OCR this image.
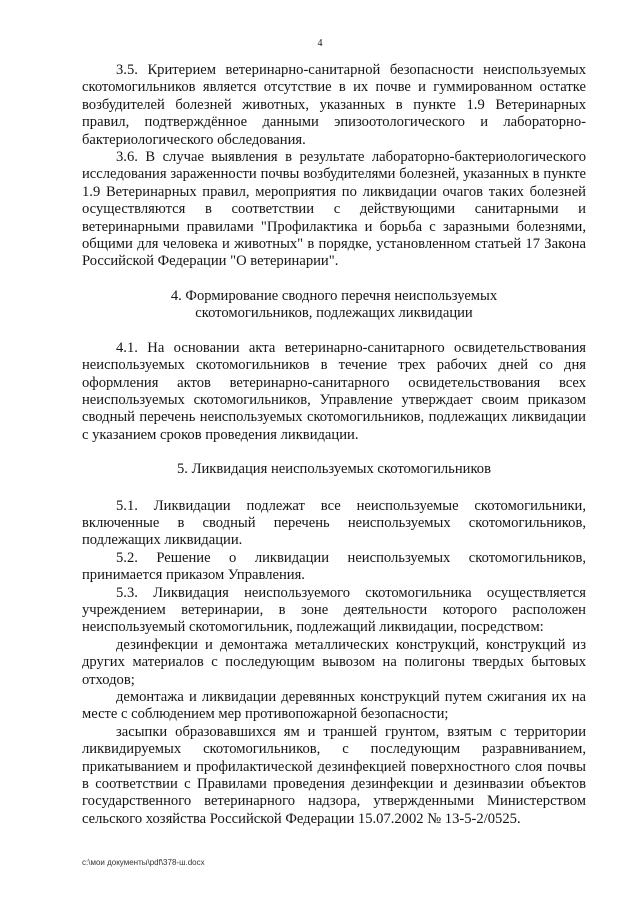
4

3.5. Критерием ветеринарно-санитарной безопасности неиспользуемых скотомогильников является отсутствие в их почве и гуммированном остатке возбудителей болезней животных, указанных в пункте 1.9 Ветеринарных правил, подтверждённое данными эпизоотологического и лабораторно-бактериологического обследования.

3.6. В случае выявления в результате лабораторно-бактериологического исследования зараженности почвы возбудителями болезней, указанных в пункте 1.9 Ветеринарных правил, мероприятия по ликвидации очагов таких болезней осуществляются в соответствии с действующими санитарными и ветеринарными правилами "Профилактика и борьба с заразными болезнями, общими для человека и животных" в порядке, установленном статьей 17 Закона Российской Федерации "О ветеринарии".

4. Формирование сводного перечня неиспользуемых
скотомогильников, подлежащих ликвидации

4.1. На основании акта ветеринарно-санитарного освидетельствования неиспользуемых скотомогильников в течение трех рабочих дней со дня оформления актов ветеринарно-санитарного освидетельствования всех неиспользуемых скотомогильников, Управление утверждает своим приказом сводный перечень неиспользуемых скотомогильников, подлежащих ликвидации с указанием сроков проведения ликвидации.

5. Ликвидация неиспользуемых скотомогильников

5.1. Ликвидации подлежат все неиспользуемые скотомогильники, включенные в сводный перечень неиспользуемых скотомогильников, подлежащих ликвидации.

5.2. Решение о ликвидации неиспользуемых скотомогильников, принимается приказом Управления.

5.3. Ликвидация неиспользуемого скотомогильника осуществляется учреждением ветеринарии, в зоне деятельности которого расположен неиспользуемый скотомогильник, подлежащий ликвидации, посредством:

дезинфекции и демонтажа металлических конструкций, конструкций из других материалов с последующим вывозом на полигоны твердых бытовых отходов;

демонтажа и ликвидации деревянных конструкций путем сжигания их на месте с соблюдением мер противопожарной безопасности;

засыпки образовавшихся ям и траншей грунтом, взятым с территории ликвидируемых скотомогильников, с последующим разравниванием, прикатыванием и профилактической дезинфекцией поверхностного слоя почвы в соответствии с Правилами проведения дезинфекции и дезинвазии объектов государственного ветеринарного надзора, утвержденными Министерством сельского хозяйства Российской Федерации 15.07.2002 № 13-5-2/0525.

c:\мои документы\pdf\378-ш.docx
